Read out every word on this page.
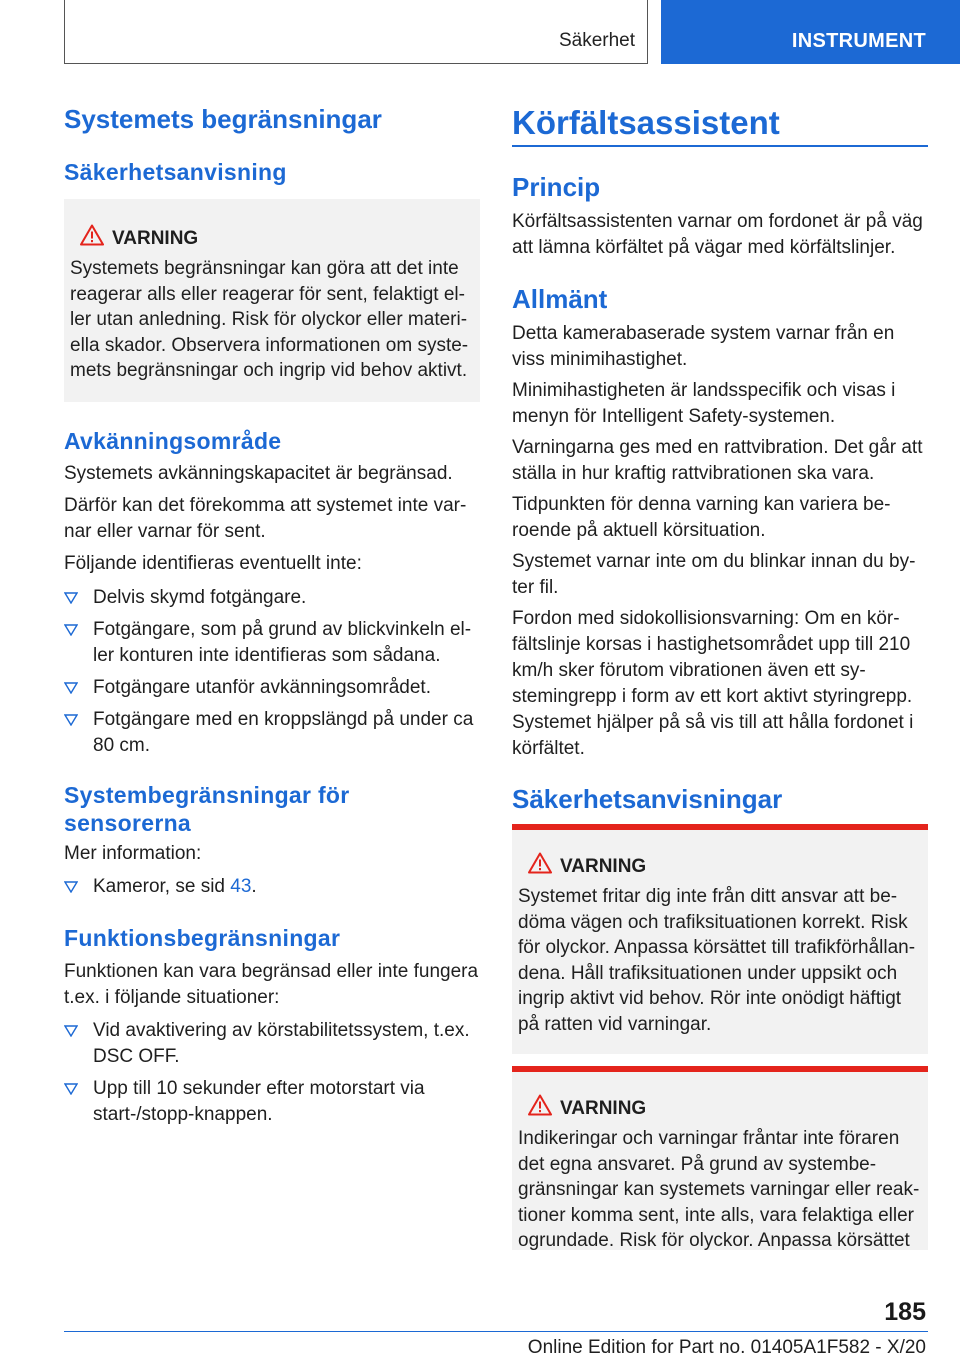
Säkerhet	INSTRUMENT
Systemets begränsningar
Säkerhetsanvisning
VARNING

Systemets begränsningar kan göra att det inte reagerar alls eller reagerar för sent, felaktigt el-ler utan anledning. Risk för olyckor eller materi-ella skador. Observera informationen om syste-mets begränsningar och ingrip vid behov aktivt.

Avkänningsområde

Systemets avkänningskapacitet är begränsad.

Därför kan det förekomma att systemet inte var-nar eller varnar för sent.

Följande identifieras eventuellt inte:

Delvis skymd fotgängare.
Fotgängare, som på grund av blickvinkeln el-ler konturen inte identifieras som sådana.
Fotgängare utanför avkänningsområdet.
Fotgängare med en kroppslängd på under ca 80 cm.
Systembegränsningar för
sensorerna

Mer information:

Kameror, se sid 43.
Funktionsbegränsningar

Funktionen kan vara begränsad eller inte fungera t.ex. i följande situationer:

Vid avaktivering av körstabilitetssystem, t.ex. DSC OFF.
Upp till 10 sekunder efter motorstart via start-/stopp-knappen.
Körfältsassistent
Princip

Körfältsassistenten varnar om fordonet är på väg att lämna körfältet på vägar med körfältslinjer.

Allmänt

Detta kamerabaserade system varnar från en viss minimihastighet.

Minimihastigheten är landsspecifik och visas i menyn för Intelligent Safety-systemen.

Varningarna ges med en rattvibration. Det går att ställa in hur kraftig rattvibrationen ska vara.

Tidpunkten för denna varning kan variera be-roende på aktuell körsituation.

Systemet varnar inte om du blinkar innan du by-ter fil.

Fordon med sidokollisionsvarning: Om en kör-fältslinje korsas i hastighetsområdet upp till 210 km/h sker förutom vibrationen även ett sy-stemingrepp i form av ett kort aktivt styringrepp. Systemet hjälper på så vis till att hålla fordonet i körfältet.

Säkerhetsanvisningar
VARNING

Systemet fritar dig inte från ditt ansvar att be-döma vägen och trafiksituationen korrekt. Risk för olyckor. Anpassa körsättet till trafikförhållan-dena. Håll trafiksituationen under uppsikt och ingrip aktivt vid behov. Rör inte onödigt häftigt på ratten vid varningar.

VARNING

Indikeringar och varningar fråntar inte föraren det egna ansvaret. På grund av systembe-gränsningar kan systemets varningar eller reak-tioner komma sent, inte alls, vara felaktiga eller ogrundade. Risk för olyckor. Anpassa körsättet

185
Online Edition for Part no. 01405A1F582 - X/20
